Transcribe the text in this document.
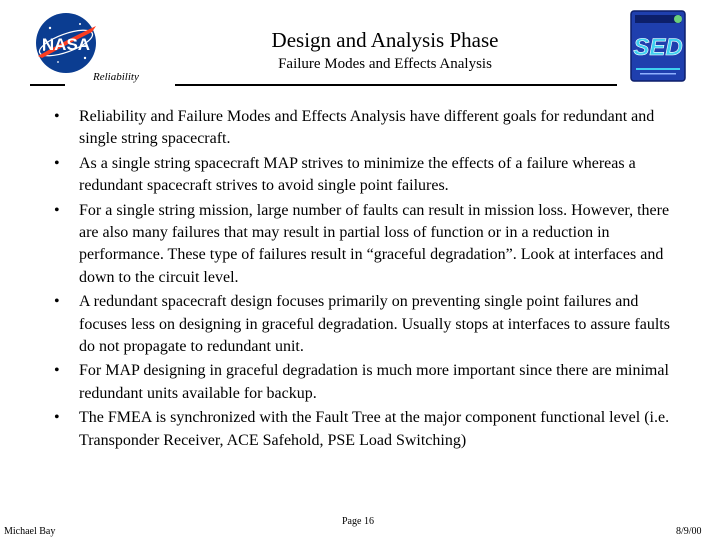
NASA	Design and Analysis Phase
Failure Modes and Effects Analysis
Reliability
SED
• Reliability and Failure Modes and Effects Analysis have different goals for redundant and single string spacecraft.
• As a single string spacecraft MAP strives to minimize the effects of a failure whereas a redundant spacecraft strives to avoid single point failures.
• For a single string mission, large number of faults can result in mission loss. However, there are also many failures that may result in partial loss of function or in a reduction in performance. These type of failures result in “graceful degradation”. Look at interfaces and down to the circuit level.
• A redundant spacecraft design focuses primarily on preventing single point failures and focuses less on designing in graceful degradation. Usually stops at interfaces to assure faults do not propagate to redundant unit.
• For MAP designing in graceful degradation is much more important since there are minimal redundant units available for backup.
• The FMEA is synchronized with the Fault Tree at the major component functional level (i.e. Transponder Receiver, ACE Safehold, PSE Load Switching)
Michael Bay
Page 16
8/9/00
